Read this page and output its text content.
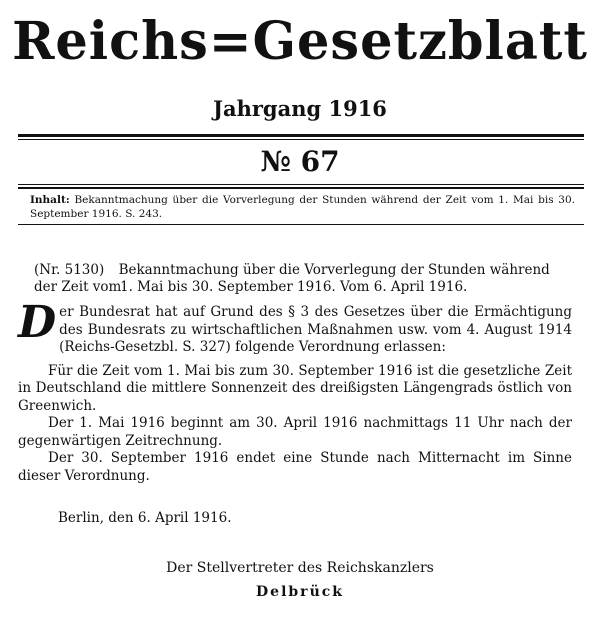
Reichs=Gesetzblatt
Jahrgang 1916
№ 67
Inhalt: Bekanntmachung über die Vorverlegung der Stunden während der Zeit vom 1. Mai bis 30. September 1916. S. 243.
(Nr. 5130) Bekanntmachung über die Vorverlegung der Stunden während der Zeit vom
1. Mai bis 30. September 1916. Vom 6. April 1916.

Der Bundesrat hat auf Grund des § 3 des Gesetzes über die Ermächtigung des Bundesrats zu wirtschaftlichen Maßnahmen usw. vom 4. August 1914 (Reichs-Gesetzbl. S. 327) folgende Verordnung erlassen:

Für die Zeit vom 1. Mai bis zum 30. September 1916 ist die gesetzliche Zeit in Deutschland die mittlere Sonnenzeit des dreißigsten Längengrads östlich von Greenwich.

Der 1. Mai 1916 beginnt am 30. April 1916 nachmittags 11 Uhr nach der gegenwärtigen Zeitrechnung.

Der 30. September 1916 endet eine Stunde nach Mitternacht im Sinne dieser Verordnung.

Berlin, den 6. April 1916.
Der Stellvertreter des Reichskanzlers
Delbrück
